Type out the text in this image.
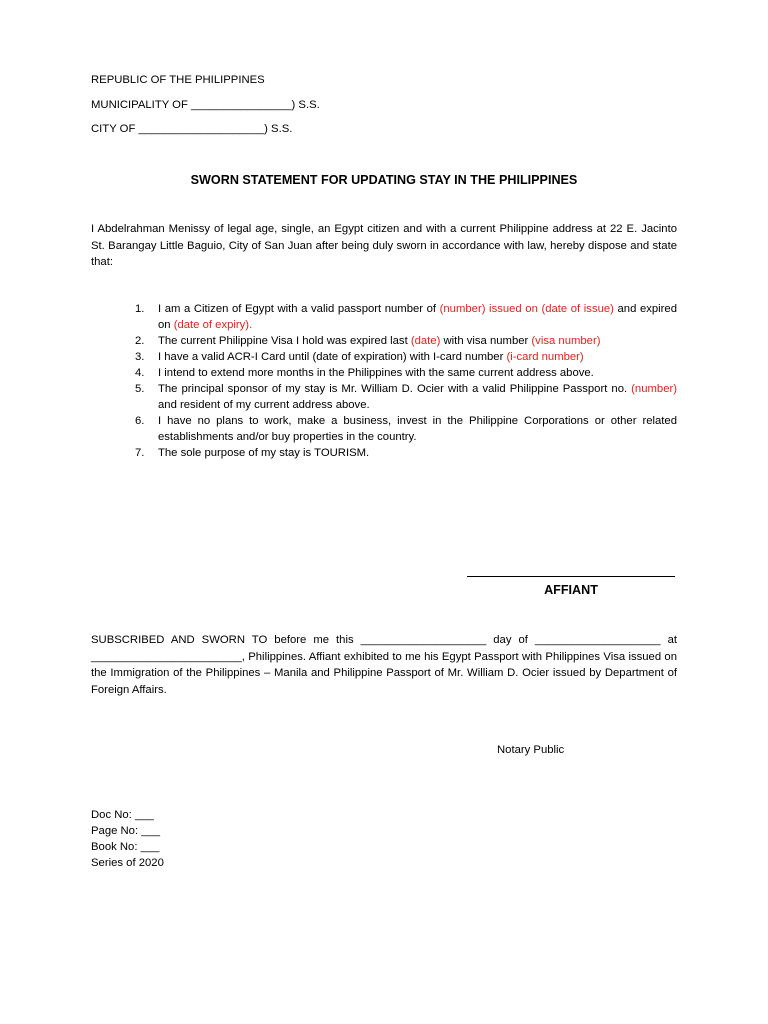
REPUBLIC OF THE PHILIPPINES
MUNICIPALITY OF ________________) S.S.
CITY OF ____________________) S.S.
SWORN STATEMENT FOR UPDATING STAY IN THE PHILIPPINES
I Abdelrahman Menissy of legal age, single, an Egypt citizen and with a current Philippine address at 22 E. Jacinto St. Barangay Little Baguio, City of San Juan after being duly sworn in accordance with law, hereby dispose and state that:
1. I am a Citizen of Egypt with a valid passport number of (number) issued on (date of issue) and expired on (date of expiry).
2. The current Philippine Visa I hold was expired last (date) with visa number (visa number)
3. I have a valid ACR-I Card until (date of expiration) with I-card number (i-card number)
4. I intend to extend more months in the Philippines with the same current address above.
5. The principal sponsor of my stay is Mr. William D. Ocier with a valid Philippine Passport no. (number) and resident of my current address above.
6. I have no plans to work, make a business, invest in the Philippine Corporations or other related establishments and/or buy properties in the country.
7. The sole purpose of my stay is TOURISM.
AFFIANT
SUBSCRIBED AND SWORN TO before me this ____________________ day of ____________________ at ________________________, Philippines. Affiant exhibited to me his Egypt Passport with Philippines Visa issued on the Immigration of the Philippines – Manila and Philippine Passport of Mr. William D. Ocier issued by Department of Foreign Affairs.
Notary Public
Doc No: ___
Page No: ___
Book No: ___
Series of 2020
